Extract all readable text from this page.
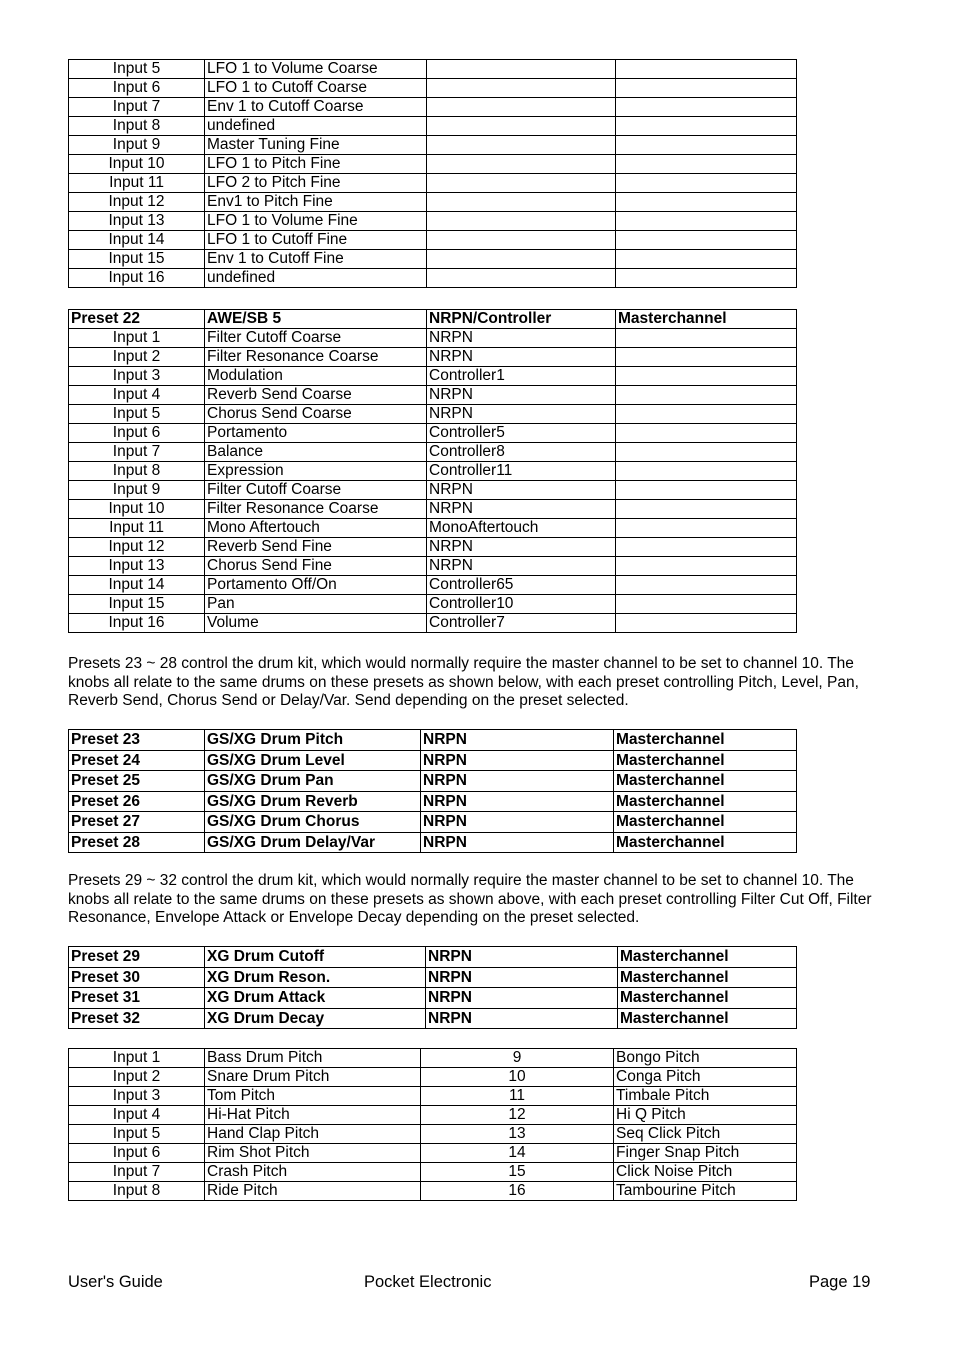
Input 5	LFO 1 to Volume Coarse		
Input 6	LFO 1 to Cutoff Coarse		
Input 7	Env 1 to Cutoff Coarse		
Input 8	undefined		
Input 9	Master Tuning Fine		
Input 10	LFO 1 to Pitch Fine		
Input 11	LFO 2 to Pitch Fine		
Input 12	Env1 to Pitch Fine		
Input 13	LFO 1 to Volume Fine		
Input 14	LFO 1 to Cutoff Fine		
Input 15	Env 1 to Cutoff Fine		
Input 16	undefined		
Preset 22	AWE/SB 5	NRPN/Controller	Masterchannel
Input 1	Filter Cutoff Coarse	NRPN	
Input 2	Filter Resonance Coarse	NRPN	
Input 3	Modulation	Controller1	
Input 4	Reverb Send Coarse	NRPN	
Input 5	Chorus Send Coarse	NRPN	
Input 6	Portamento	Controller5	
Input 7	Balance	Controller8	
Input 8	Expression	Controller11	
Input 9	Filter Cutoff Coarse	NRPN	
Input 10	Filter Resonance Coarse	NRPN	
Input 11	Mono Aftertouch	MonoAftertouch	
Input 12	Reverb Send Fine	NRPN	
Input 13	Chorus Send Fine	NRPN	
Input 14	Portamento Off/On	Controller65	
Input 15	Pan	Controller10	
Input 16	Volume	Controller7	

Presets 23 ~ 28 control the drum kit, which would normally require the master channel to be set to channel 10. The knobs all relate to the same drums on these presets as shown below, with each preset controlling Pitch, Level, Pan, Reverb Send, Chorus Send or Delay/Var. Send depending on the preset selected.

Preset 23	GS/XG Drum Pitch	NRPN	Masterchannel
Preset 24	GS/XG Drum Level	NRPN	Masterchannel
Preset 25	GS/XG Drum Pan	NRPN	Masterchannel
Preset 26	GS/XG Drum Reverb	NRPN	Masterchannel
Preset 27	GS/XG Drum Chorus	NRPN	Masterchannel
Preset 28	GS/XG Drum Delay/Var	NRPN	Masterchannel

Presets 29 ~ 32 control the drum kit, which would normally require the master channel to be set to channel 10. The knobs all relate to the same drums on these presets as shown above, with each preset controlling Filter Cut Off, Filter Resonance, Envelope Attack or Envelope Decay depending on the preset selected.

Preset 29	XG Drum Cutoff	NRPN	Masterchannel
Preset 30	XG Drum Reson.	NRPN	Masterchannel
Preset 31	XG Drum Attack	NRPN	Masterchannel
Preset 32	XG Drum Decay	NRPN	Masterchannel
Input 1	Bass Drum Pitch	9	Bongo Pitch
Input 2	Snare Drum Pitch	10	Conga Pitch
Input 3	Tom Pitch	11	Timbale Pitch
Input 4	Hi-Hat Pitch	12	Hi Q Pitch
Input 5	Hand Clap Pitch	13	Seq Click Pitch
Input 6	Rim Shot Pitch	14	Finger Snap Pitch
Input 7	Crash Pitch	15	Click Noise Pitch
Input 8	Ride Pitch	16	Tambourine Pitch
User's Guide	Pocket Electronic	Page 19
